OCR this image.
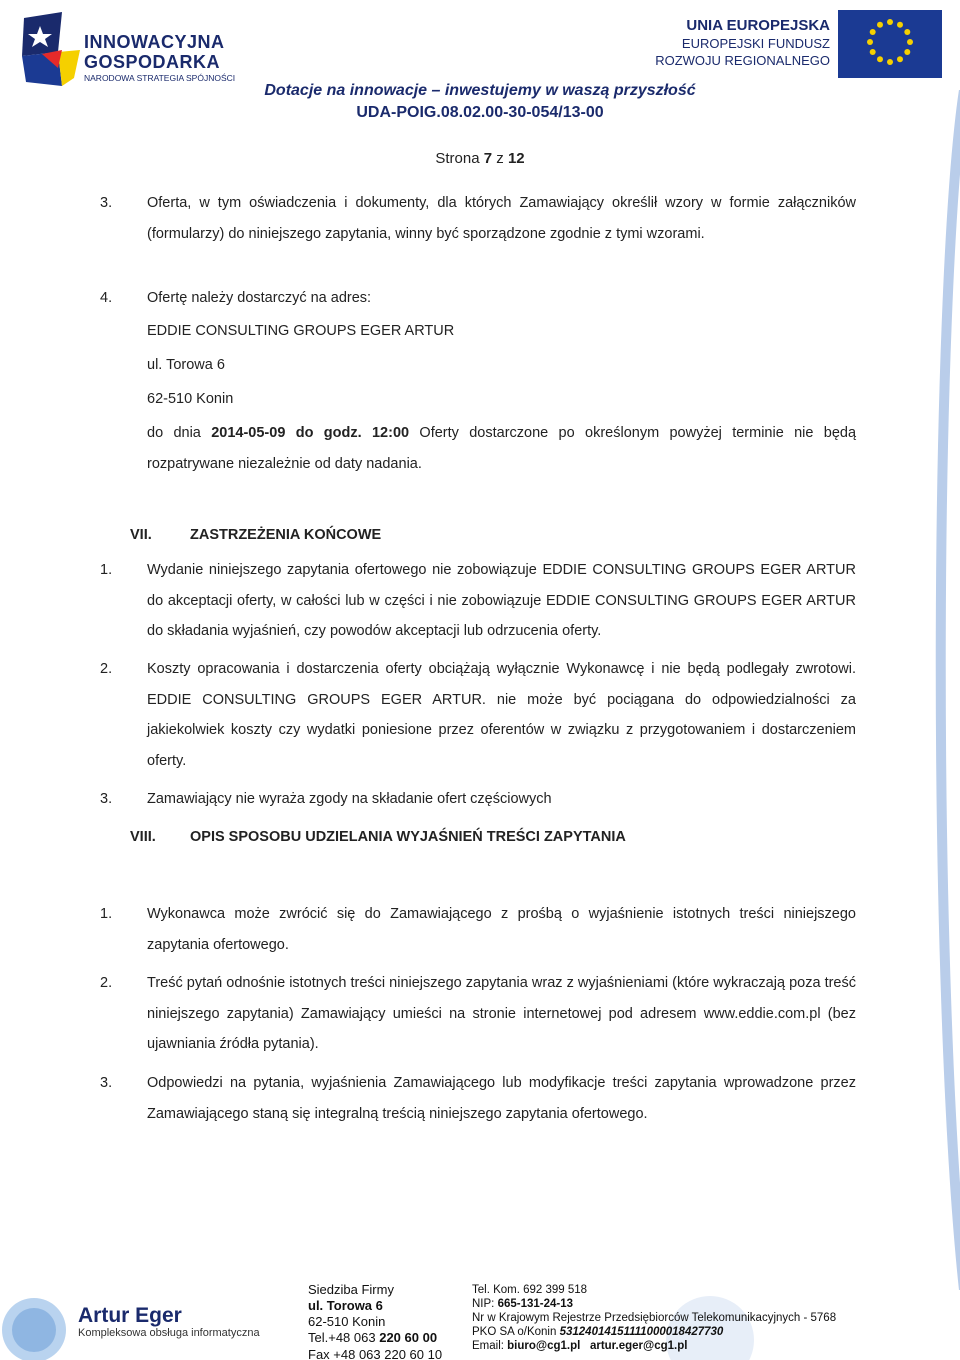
INNOWACYJNA
GOSPODARKA
NARODOWA STRATEGIA SPÓJNOŚCI
UNIA EUROPEJSKA
EUROPEJSKI FUNDUSZ
ROZWOJU REGIONALNEGO
Dotacje na innowacje – inwestujemy w waszą przyszłość
UDA-POIG.08.02.00-30-054/13-00
Strona 7 z 12
3. Oferta, w tym oświadczenia i dokumenty, dla których Zamawiający określił wzory w formie załączników (formularzy) do niniejszego zapytania, winny być sporządzone zgodnie z tymi wzorami.
4. Ofertę należy dostarczyć na adres:
EDDIE CONSULTING GROUPS EGER ARTUR
ul. Torowa 6
62-510 Konin
do dnia 2014-05-09 do godz. 12:00 Oferty dostarczone po określonym powyżej terminie nie będą rozpatrywane niezależnie od daty nadania.
VII.	ZASTRZEŻENIA KOŃCOWE
1. Wydanie niniejszego zapytania ofertowego nie zobowiązuje EDDIE CONSULTING GROUPS EGER ARTUR do akceptacji oferty, w całości lub w części i nie zobowiązuje EDDIE CONSULTING GROUPS EGER ARTUR do składania wyjaśnień, czy powodów akceptacji lub odrzucenia oferty.
2. Koszty opracowania i dostarczenia oferty obciążają wyłącznie Wykonawcę i nie będą podlegały zwrotowi. EDDIE CONSULTING GROUPS EGER ARTUR. nie może być pociągana do odpowiedzialności za jakiekolwiek koszty czy wydatki poniesione przez oferentów w związku z przygotowaniem i dostarczeniem oferty.
3. Zamawiający nie wyraża zgody na składanie ofert częściowych
VIII. OPIS SPOSOBU UDZIELANIA WYJAŚNIEŃ TREŚCI ZAPYTANIA
1. Wykonawca może zwrócić się do Zamawiającego z prośbą o wyjaśnienie istotnych treści niniejszego zapytania ofertowego.
2. Treść pytań odnośnie istotnych treści niniejszego zapytania wraz z wyjaśnieniami (które wykraczają poza treść niniejszego zapytania) Zamawiający umieści na stronie internetowej pod adresem www.eddie.com.pl (bez ujawniania źródła pytania).
3. Odpowiedzi na pytania, wyjaśnienia Zamawiającego lub modyfikacje treści zapytania wprowadzone przez Zamawiającego staną się integralną treścią niniejszego zapytania ofertowego.
Artur Eger
Kompleksowa obsługa informatyczna
Siedziba Firmy
ul. Torowa 6
62-510 Konin
Tel.+48 063 220 60 00
Fax +48 063 220 60 10
Tel. Kom. 692 399 518
NIP: 665-131-24-13
Nr w Krajowym Rejestrze Przedsiębiorców Telekomunikacyjnych - 5768
PKO SA o/Konin 53124014151111000018427730
Email: biuro@cg1.pl artur.eger@cg1.pl
